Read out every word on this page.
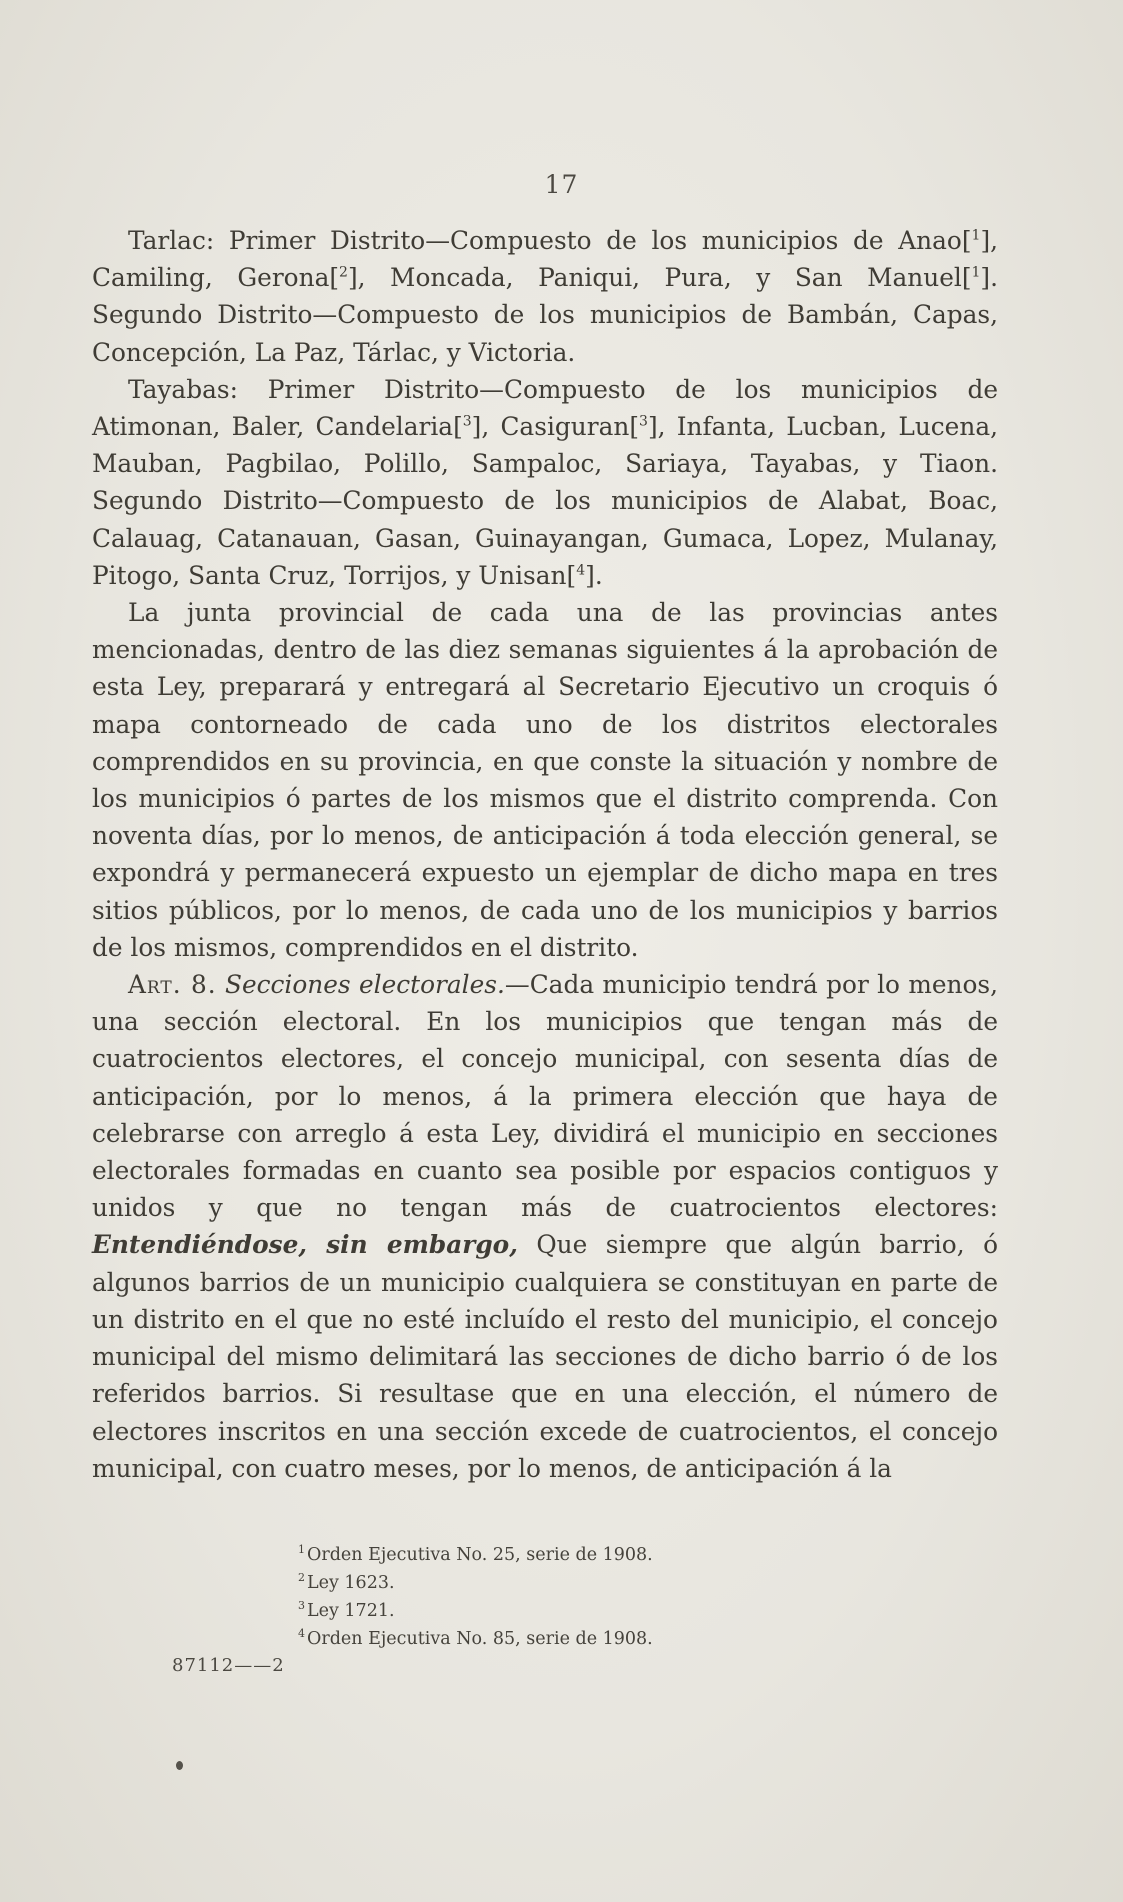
17

Tarlac: Primer Distrito—Compuesto de los municipios de Anao[$^1$], Camiling, Gerona[$^2$], Moncada, Paniqui, Pura, y San Manuel[$^1$]. Segundo Distrito—Compuesto de los municipios de Bambán, Capas, Concepción, La Paz, Tárlac, y Victoria.

Tayabas: Primer Distrito—Compuesto de los municipios de Atimonan, Baler, Candelaria[$^3$], Casiguran[$^3$], Infanta, Lucban, Lucena, Mauban, Pagbilao, Polillo, Sampaloc, Sariaya, Tayabas, y Tiaon. Segundo Distrito—Compuesto de los municipios de Alabat, Boac, Calauag, Catanauan, Gasan, Guinayangan, Gumaca, Lopez, Mulanay, Pitogo, Santa Cruz, Torrijos, y Unisan[$^4$].

La junta provincial de cada una de las provincias antes mencionadas, dentro de las diez semanas siguientes á la aprobación de esta Ley, preparará y entregará al Secretario Ejecutivo un croquis ó mapa contorneado de cada uno de los distritos electorales comprendidos en su provincia, en que conste la situación y nombre de los municipios ó partes de los mismos que el distrito comprenda. Con noventa días, por lo menos, de anticipación á toda elección general, se expondrá y permanecerá expuesto un ejemplar de dicho mapa en tres sitios públicos, por lo menos, de cada uno de los municipios y barrios de los mismos, comprendidos en el distrito.

Art. 8. Secciones electorales.—Cada municipio tendrá por lo menos, una sección electoral. En los municipios que tengan más de cuatrocientos electores, el concejo municipal, con sesenta días de anticipación, por lo menos, á la primera elección que haya de celebrarse con arreglo á esta Ley, dividirá el municipio en secciones electorales formadas en cuanto sea posible por espacios contiguos y unidos y que no tengan más de cuatrocientos electores: Entendiéndose, sin embargo, Que siempre que algún barrio, ó algunos barrios de un municipio cualquiera se constituyan en parte de un distrito en el que no esté incluído el resto del municipio, el concejo municipal del mismo delimitará las secciones de dicho barrio ó de los referidos barrios. Si resultase que en una elección, el número de electores inscritos en una sección excede de cuatrocientos, el concejo municipal, con cuatro meses, por lo menos, de anticipación á la

$^1$ Orden Ejecutiva No. 25, serie de 1908.

$^2$ Ley 1623.

$^3$ Ley 1721.

$^4$ Orden Ejecutiva No. 85, serie de 1908.

87112——2
